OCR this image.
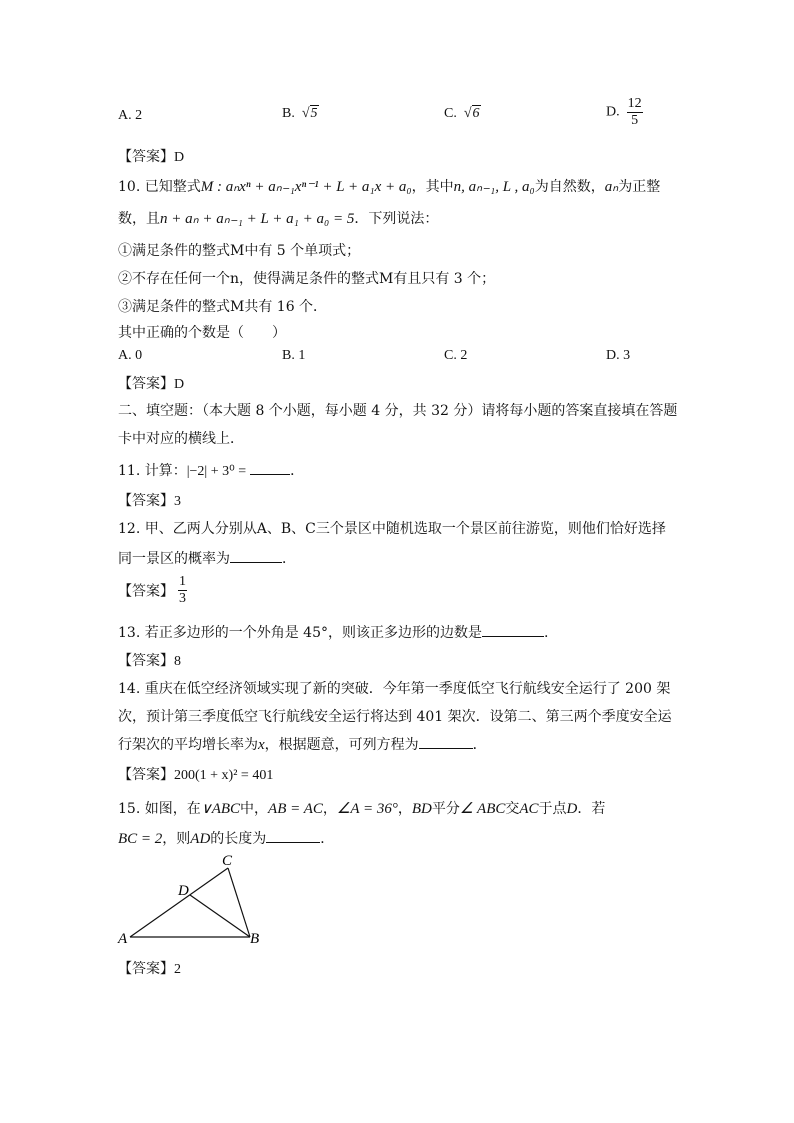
A. 2	B. √5	C. √6	D. $\frac{12}{5}$
【答案】D
10. 已知整式M : aₙxⁿ + aₙ₋₁xⁿ⁻¹ + L + a₁x + a₀，其中n, aₙ₋₁, L , a₀为自然数，aₙ为正整
数，且n + aₙ + aₙ₋₁ + L + a₁ + a₀ = 5．下列说法：
①满足条件的整式M中有 5 个单项式；
②不存在任何一个n，使得满足条件的整式M有且只有 3 个；
③满足条件的整式M共有 16 个．
其中正确的个数是（　　）
A. 0	B. 1	C. 2	D. 3
【答案】D
二、填空题：（本大题 8 个小题，每小题 4 分，共 32 分）请将每小题的答案直接填在答题
卡中对应的横线上．
11. 计算：|−2| + 3⁰ =	．
【答案】3
12. 甲、乙两人分别从A、B、C三个景区中随机选取一个景区前往游览，则他们恰好选择
同一景区的概率为	．
【答案】 $\frac{1}{3}$
13. 若正多边形的一个外角是 45°，则该正多边形的边数是	.
【答案】8
14. 重庆在低空经济领域实现了新的突破．今年第一季度低空飞行航线安全运行了 200 架
次，预计第三季度低空飞行航线安全运行将达到 401 架次．设第二、第三两个季度安全运
行架次的平均增长率为x，根据题意，可列方程为	．
【答案】200(1 + x)² = 401
15. 如图，在∨ABC中，AB = AC，∠A = 36°，BD平分∠ ABC交AC于点D．若
BC = 2，则AD的长度为	．
A	B
C
D
【答案】2
